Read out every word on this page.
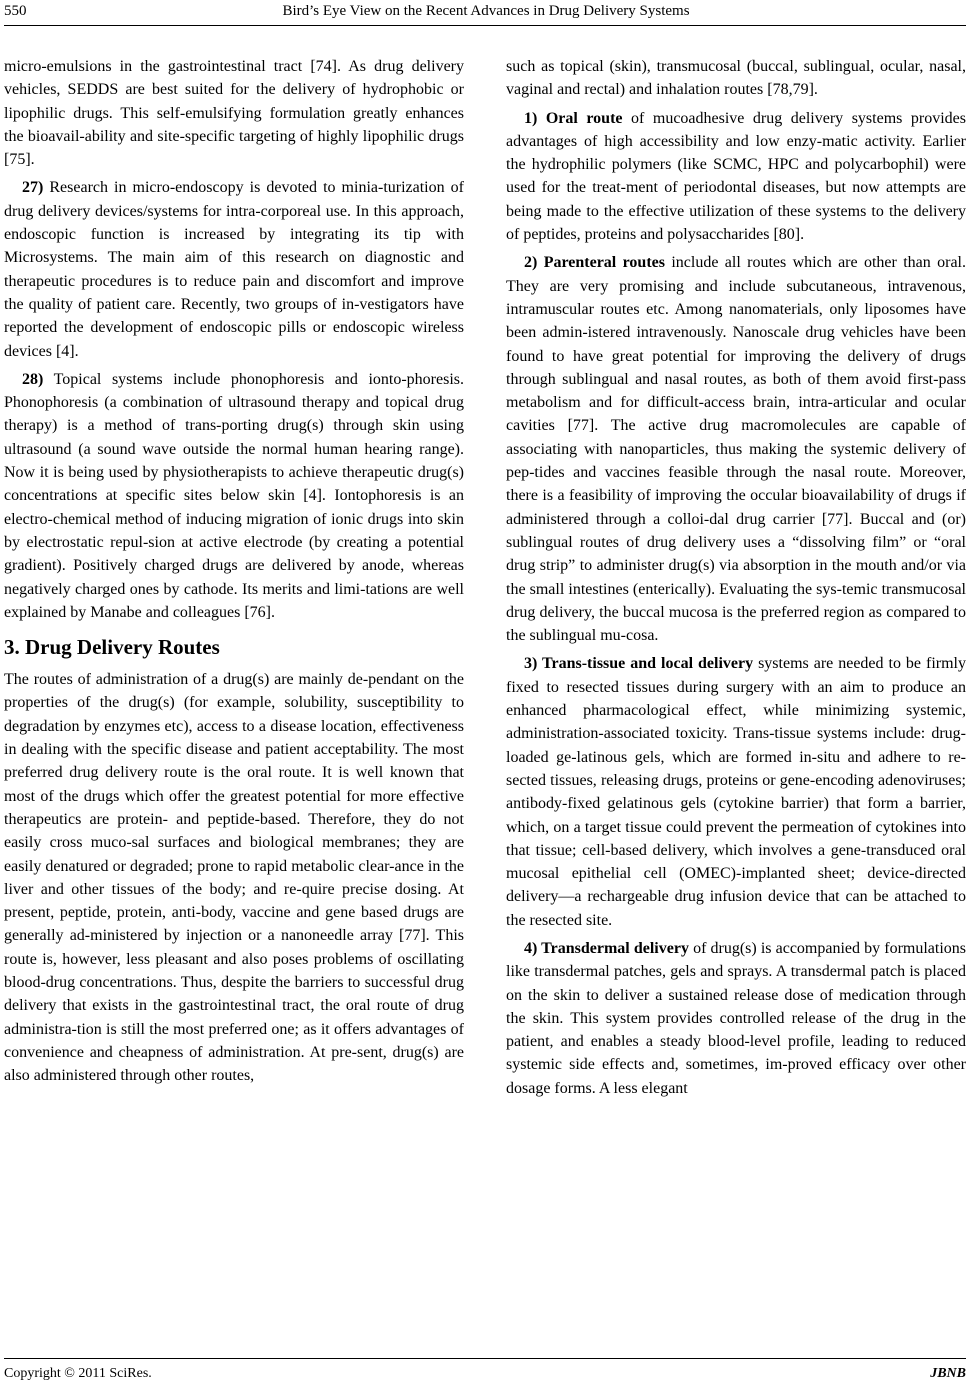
550	Bird’s Eye View on the Recent Advances in Drug Delivery Systems

micro-emulsions in the gastrointestinal tract [74]. As drug delivery vehicles, SEDDS are best suited for the delivery of hydrophobic or lipophilic drugs. This self-emulsifying formulation greatly enhances the bioavail-ability and site-specific targeting of highly lipophilic drugs [75].

27) Research in micro-endoscopy is devoted to minia-turization of drug delivery devices/systems for intra-corporeal use. In this approach, endoscopic function is increased by integrating its tip with Microsystems. The main aim of this research on diagnostic and therapeutic procedures is to reduce pain and discomfort and improve the quality of patient care. Recently, two groups of in-vestigators have reported the development of endoscopic pills or endoscopic wireless devices [4].

28) Topical systems include phonophoresis and ionto-phoresis. Phonophoresis (a combination of ultrasound therapy and topical drug therapy) is a method of trans-porting drug(s) through skin using ultrasound (a sound wave outside the normal human hearing range). Now it is being used by physiotherapists to achieve therapeutic drug(s) concentrations at specific sites below skin [4]. Iontophoresis is an electro-chemical method of inducing migration of ionic drugs into skin by electrostatic repul-sion at active electrode (by creating a potential gradient). Positively charged drugs are delivered by anode, whereas negatively charged ones by cathode. Its merits and limi-tations are well explained by Manabe and colleagues [76].

3. Drug Delivery Routes

The routes of administration of a drug(s) are mainly de-pendant on the properties of the drug(s) (for example, solubility, susceptibility to degradation by enzymes etc), access to a disease location, effectiveness in dealing with the specific disease and patient acceptability. The most preferred drug delivery route is the oral route. It is well known that most of the drugs which offer the greatest potential for more effective therapeutics are protein- and peptide-based. Therefore, they do not easily cross muco-sal surfaces and biological membranes; they are easily denatured or degraded; prone to rapid metabolic clear-ance in the liver and other tissues of the body; and re-quire precise dosing. At present, peptide, protein, anti-body, vaccine and gene based drugs are generally ad-ministered by injection or a nanoneedle array [77]. This route is, however, less pleasant and also poses problems of oscillating blood-drug concentrations. Thus, despite the barriers to successful drug delivery that exists in the gastrointestinal tract, the oral route of drug administra-tion is still the most preferred one; as it offers advantages of convenience and cheapness of administration. At pre-sent, drug(s) are also administered through other routes,

such as topical (skin), transmucosal (buccal, sublingual, ocular, nasal, vaginal and rectal) and inhalation routes [78,79].

1) Oral route of mucoadhesive drug delivery systems provides advantages of high accessibility and low enzy-matic activity. Earlier the hydrophilic polymers (like SCMC, HPC and polycarbophil) were used for the treat-ment of periodontal diseases, but now attempts are being made to the effective utilization of these systems to the delivery of peptides, proteins and polysaccharides [80].

2) Parenteral routes include all routes which are other than oral. They are very promising and include subcutaneous, intravenous, intramuscular routes etc. Among nanomaterials, only liposomes have been admin-istered intravenously. Nanoscale drug vehicles have been found to have great potential for improving the delivery of drugs through sublingual and nasal routes, as both of them avoid first-pass metabolism and for difficult-access brain, intra-articular and ocular cavities [77]. The active drug macromolecules are capable of associating with nanoparticles, thus making the systemic delivery of pep-tides and vaccines feasible through the nasal route. Moreover, there is a feasibility of improving the occular bioavailability of drugs if administered through a colloi-dal drug carrier [77]. Buccal and (or) sublingual routes of drug delivery uses a “dissolving film” or “oral drug strip” to administer drug(s) via absorption in the mouth and/or via the small intestines (enterically). Evaluating the sys-temic transmucosal drug delivery, the buccal mucosa is the preferred region as compared to the sublingual mu-cosa.

3) Trans-tissue and local delivery systems are needed to be firmly fixed to resected tissues during surgery with an aim to produce an enhanced pharmacological effect, while minimizing systemic, administration-associated toxicity. Trans-tissue systems include: drug-loaded ge-latinous gels, which are formed in-situ and adhere to re-sected tissues, releasing drugs, proteins or gene-encoding adenoviruses; antibody-fixed gelatinous gels (cytokine barrier) that form a barrier, which, on a target tissue could prevent the permeation of cytokines into that tissue; cell-based delivery, which involves a gene-transduced oral mucosal epithelial cell (OMEC)-implanted sheet; device-directed delivery—a rechargeable drug infusion device that can be attached to the resected site.

4) Transdermal delivery of drug(s) is accompanied by formulations like transdermal patches, gels and sprays. A transdermal patch is placed on the skin to deliver a sustained release dose of medication through the skin. This system provides controlled release of the drug in the patient, and enables a steady blood-level profile, leading to reduced systemic side effects and, sometimes, im-proved efficacy over other dosage forms. A less elegant

Copyright © 2011 SciRes.	JBNB
